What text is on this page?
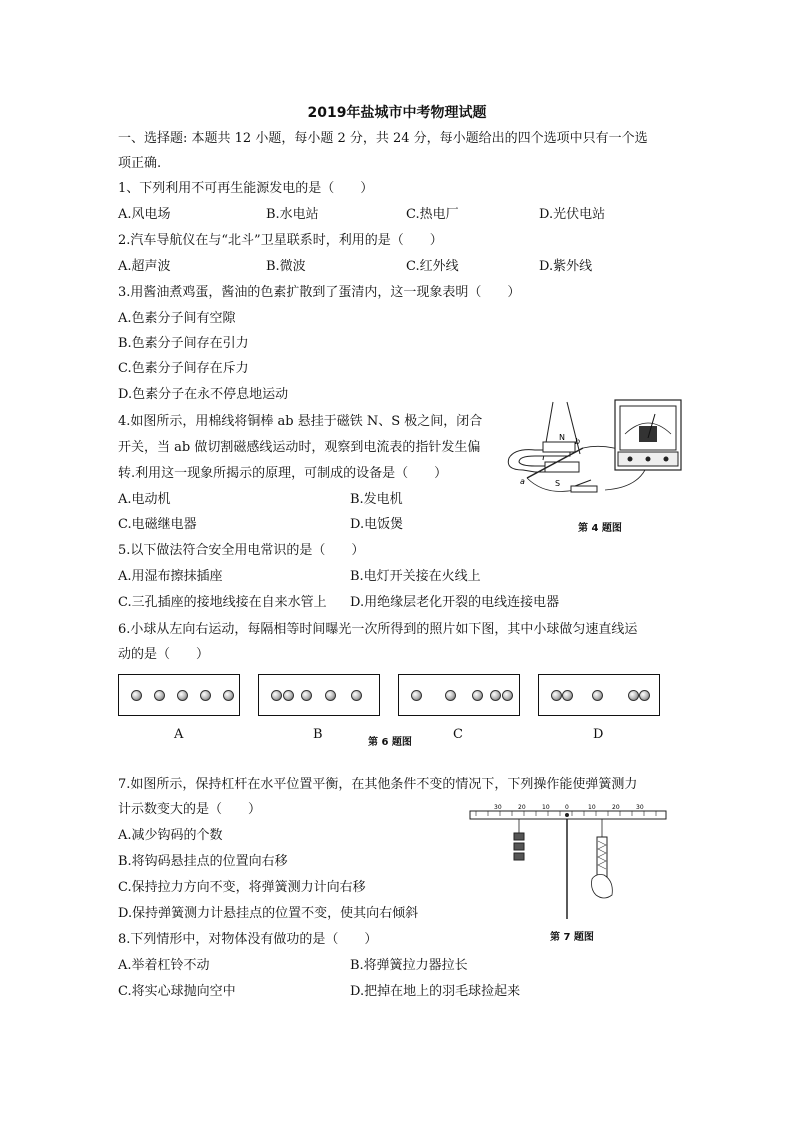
2019年盐城市中考物理试题
一、选择题: 本题共 12 小题，每小题 2 分，共 24 分，每小题给出的四个选项中只有一个选
项正确.
1、下列利用不可再生能源发电的是（　　）
A.风电场	B.水电站	C.热电厂	D.光伏电站
2.汽车导航仪在与“北斗”卫星联系时，利用的是（　　）
A.超声波	B.微波	C.红外线	D.紫外线
3.用酱油煮鸡蛋，酱油的色素扩散到了蛋清内，这一现象表明（　　）
A.色素分子间有空隙
B.色素分子间存在引力
C.色素分子间存在斥力
D.色素分子在永不停息地运动
4.如图所示，用棉线将铜棒 ab 悬挂于磁铁 N、S 极之间，闭合
开关，当 ab 做切割磁感线运动时，观察到电流表的指针发生偏
转.利用这一现象所揭示的原理，可制成的设备是（　　）
A.电动机	B.发电机
C.电磁继电器	D.电饭煲
N
S
a
b
第 4 题图
5.以下做法符合安全用电常识的是（　　）
A.用湿布擦抹插座	B.电灯开关接在火线上
C.三孔插座的接地线接在自来水管上 D.用绝缘层老化开裂的电线连接电器
6.小球从左向右运动，每隔相等时间曝光一次所得到的照片如下图，其中小球做匀速直线运
动的是（　　）
A	B	C	D
第 6 题图
7.如图所示，保持杠杆在水平位置平衡，在其他条件不变的情况下，下列操作能使弹簧测力
计示数变大的是（　　）
A.减少钩码的个数
B.将钩码悬挂点的位置向右移
C.保持拉力方向不变，将弹簧测力计向右移
D.保持弹簧测力计悬挂点的位置不变，使其向右倾斜
30	20	10	0	10	20	30
第 7 题图
8.下列情形中，对物体没有做功的是（　　）
A.举着杠铃不动	B.将弹簧拉力器拉长
C.将实心球抛向空中	D.把掉在地上的羽毛球捡起来
